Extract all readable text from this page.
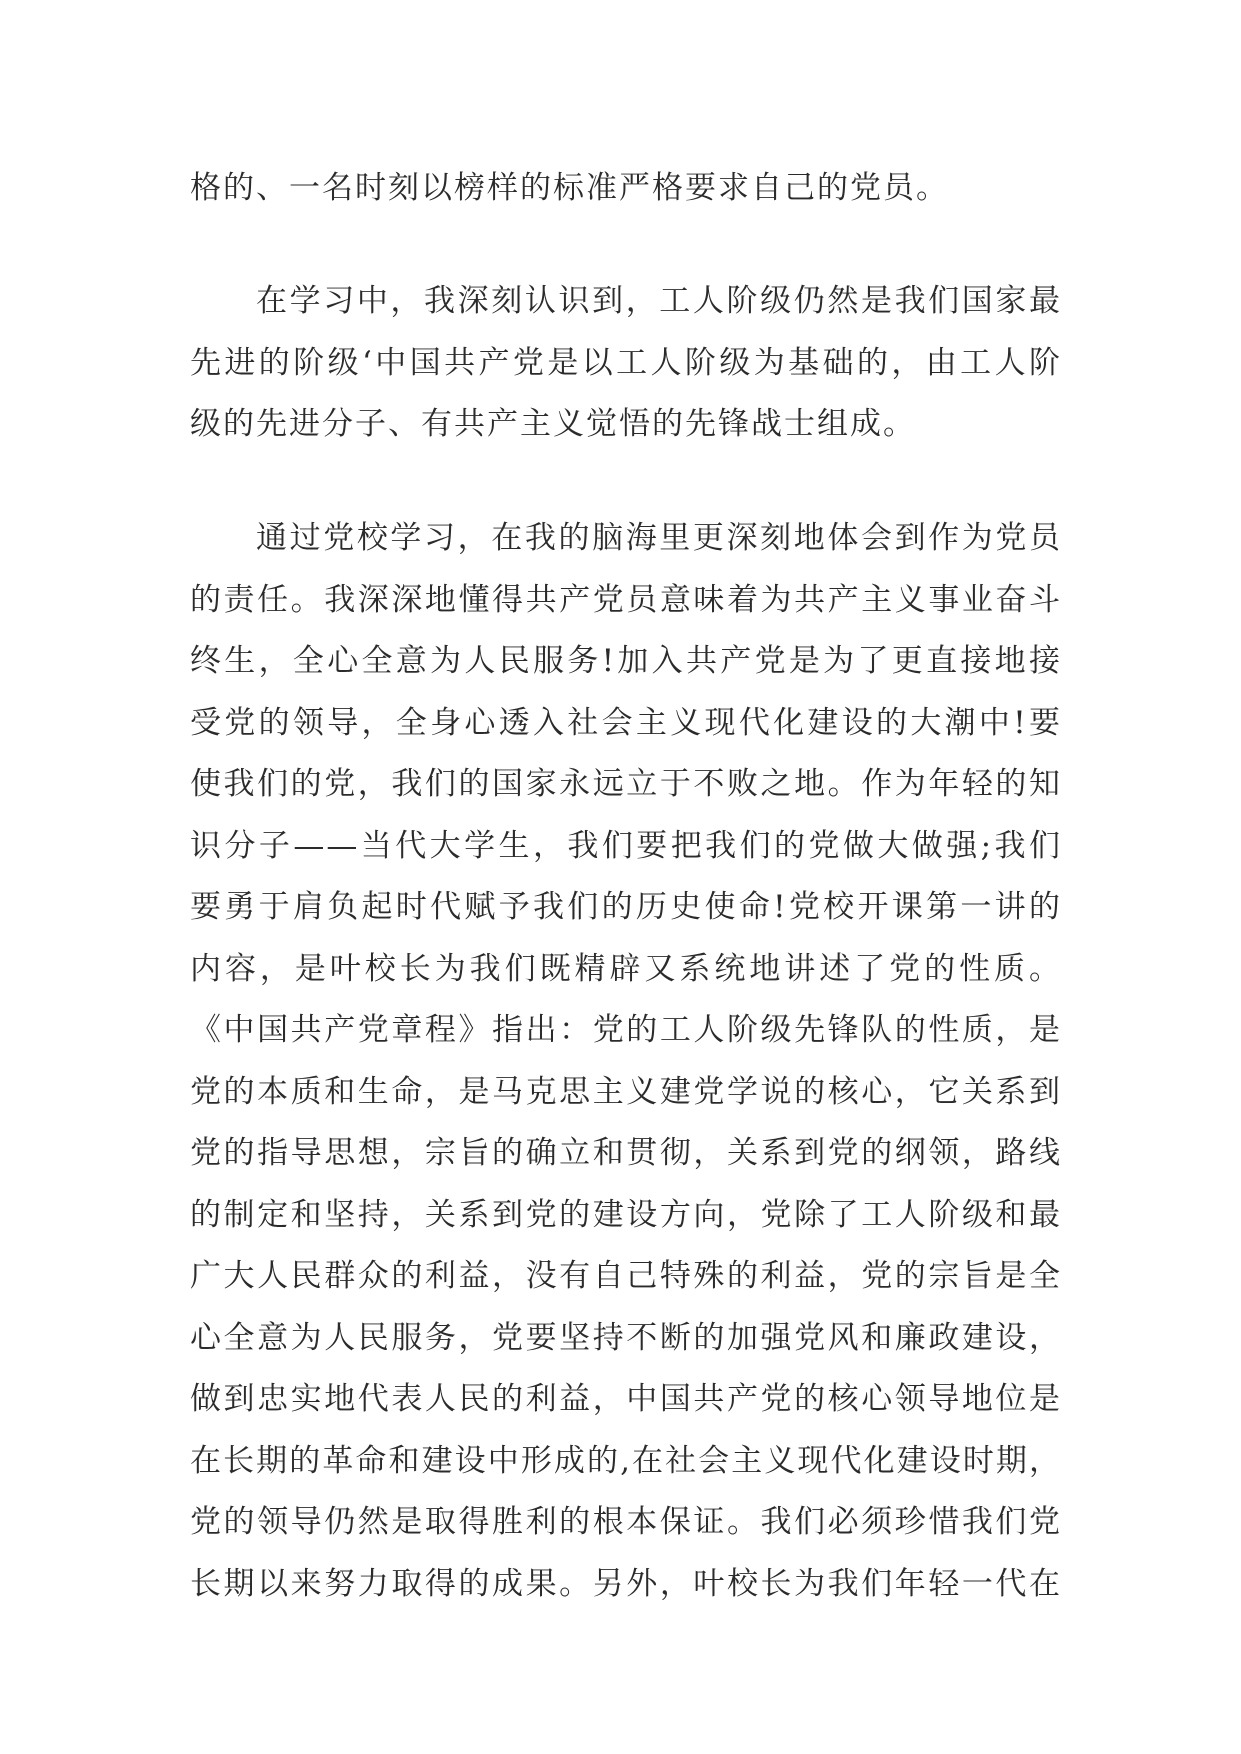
格的、一名时刻以榜样的标准严格要求自己的党员。
在学习中，我深刻认识到，工人阶级仍然是我们国家最
先进的阶级‘中国共产党是以工人阶级为基础的，由工人阶
级的先进分子、有共产主义觉悟的先锋战士组成。
通过党校学习，在我的脑海里更深刻地体会到作为党员
的责任。我深深地懂得共产党员意味着为共产主义事业奋斗
终生，全心全意为人民服务!加入共产党是为了更直接地接
受党的领导，全身心透入社会主义现代化建设的大潮中!要
使我们的党，我们的国家永远立于不败之地。作为年轻的知
识分子——当代大学生，我们要把我们的党做大做强;我们
要勇于肩负起时代赋予我们的历史使命!党校开课第一讲的
内容，是叶校长为我们既精辟又系统地讲述了党的性质。
《中国共产党章程》指出：党的工人阶级先锋队的性质，是
党的本质和生命，是马克思主义建党学说的核心，它关系到
党的指导思想，宗旨的确立和贯彻，关系到党的纲领，路线
的制定和坚持，关系到党的建设方向，党除了工人阶级和最
广大人民群众的利益，没有自己特殊的利益，党的宗旨是全
心全意为人民服务，党要坚持不断的加强党风和廉政建设，
做到忠实地代表人民的利益，中国共产党的核心领导地位是
在长期的革命和建设中形成的,在社会主义现代化建设时期，
党的领导仍然是取得胜利的根本保证。我们必须珍惜我们党
长期以来努力取得的成果。另外，叶校长为我们年轻一代在
